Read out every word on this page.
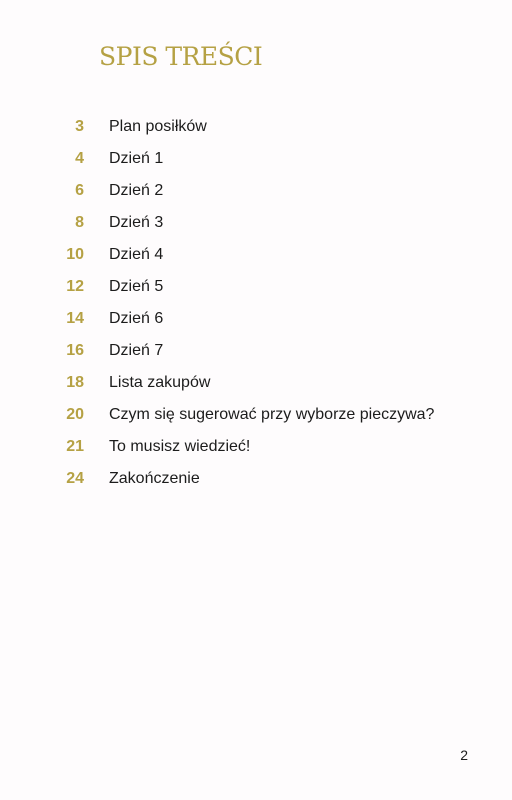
SPIS TREŚCI
3 Plan posiłków
4 Dzień 1
6 Dzień 2
8 Dzień 3
10 Dzień 4
12 Dzień 5
14 Dzień 6
16 Dzień 7
18 Lista zakupów
20 Czym się sugerować przy wyborze pieczywa?
21 To musisz wiedzieć!
24 Zakończenie
2
